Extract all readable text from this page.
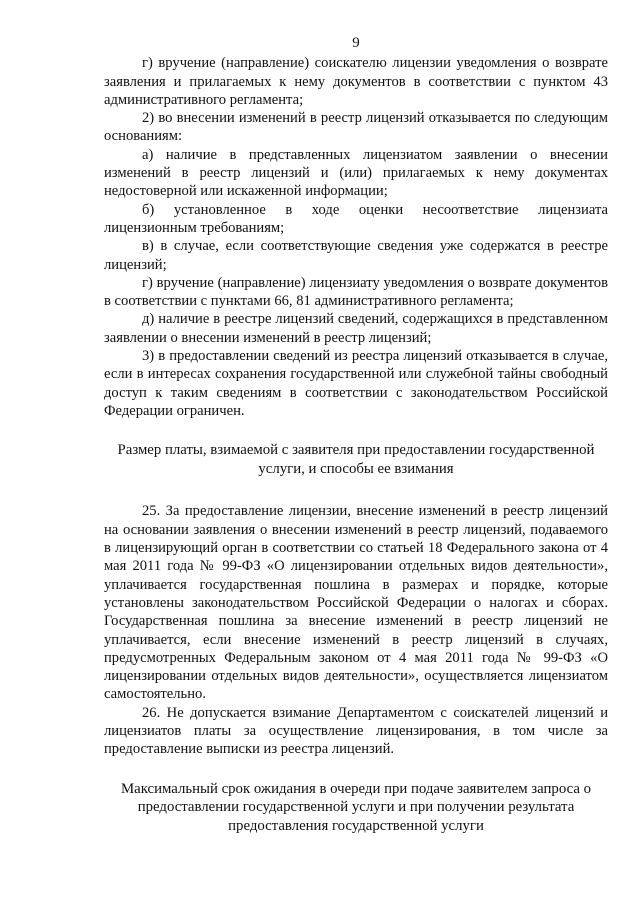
9

г) вручение (направление) соискателю лицензии уведомления о возврате заявления и прилагаемых к нему документов в соответствии с пунктом 43 административного регламента;

2) во внесении изменений в реестр лицензий отказывается по следующим основаниям:

а) наличие в представленных лицензиатом заявлении о внесении изменений в реестр лицензий и (или) прилагаемых к нему документах недостоверной или искаженной информации;

б) установленное в ходе оценки несоответствие лицензиата лицензионным требованиям;

в) в случае, если соответствующие сведения уже содержатся в реестре лицензий;

г) вручение (направление) лицензиату уведомления о возврате документов в соответствии с пунктами 66, 81 административного регламента;

д) наличие в реестре лицензий сведений, содержащихся в представленном заявлении о внесении изменений в реестр лицензий;

3) в предоставлении сведений из реестра лицензий отказывается в случае, если в интересах сохранения государственной или служебной тайны свободный доступ к таким сведениям в соответствии с законодательством Российской Федерации ограничен.

Размер платы, взимаемой с заявителя при предоставлении государственной услуги, и способы ее взимания

25. За предоставление лицензии, внесение изменений в реестр лицензий на основании заявления о внесении изменений в реестр лицензий, подаваемого в лицензирующий орган в соответствии со статьей 18 Федерального закона от 4 мая 2011 года № 99-ФЗ «О лицензировании отдельных видов деятельности», уплачивается государственная пошлина в размерах и порядке, которые установлены законодательством Российской Федерации о налогах и сборах. Государственная пошлина за внесение изменений в реестр лицензий не уплачивается, если внесение изменений в реестр лицензий в случаях, предусмотренных Федеральным законом от 4 мая 2011 года № 99-ФЗ «О лицензировании отдельных видов деятельности», осуществляется лицензиатом самостоятельно.

26. Не допускается взимание Департаментом с соискателей лицензий и лицензиатов платы за осуществление лицензирования, в том числе за предоставление выписки из реестра лицензий.

Максимальный срок ожидания в очереди при подаче заявителем запроса о предоставлении государственной услуги и при получении результата предоставления государственной услуги
